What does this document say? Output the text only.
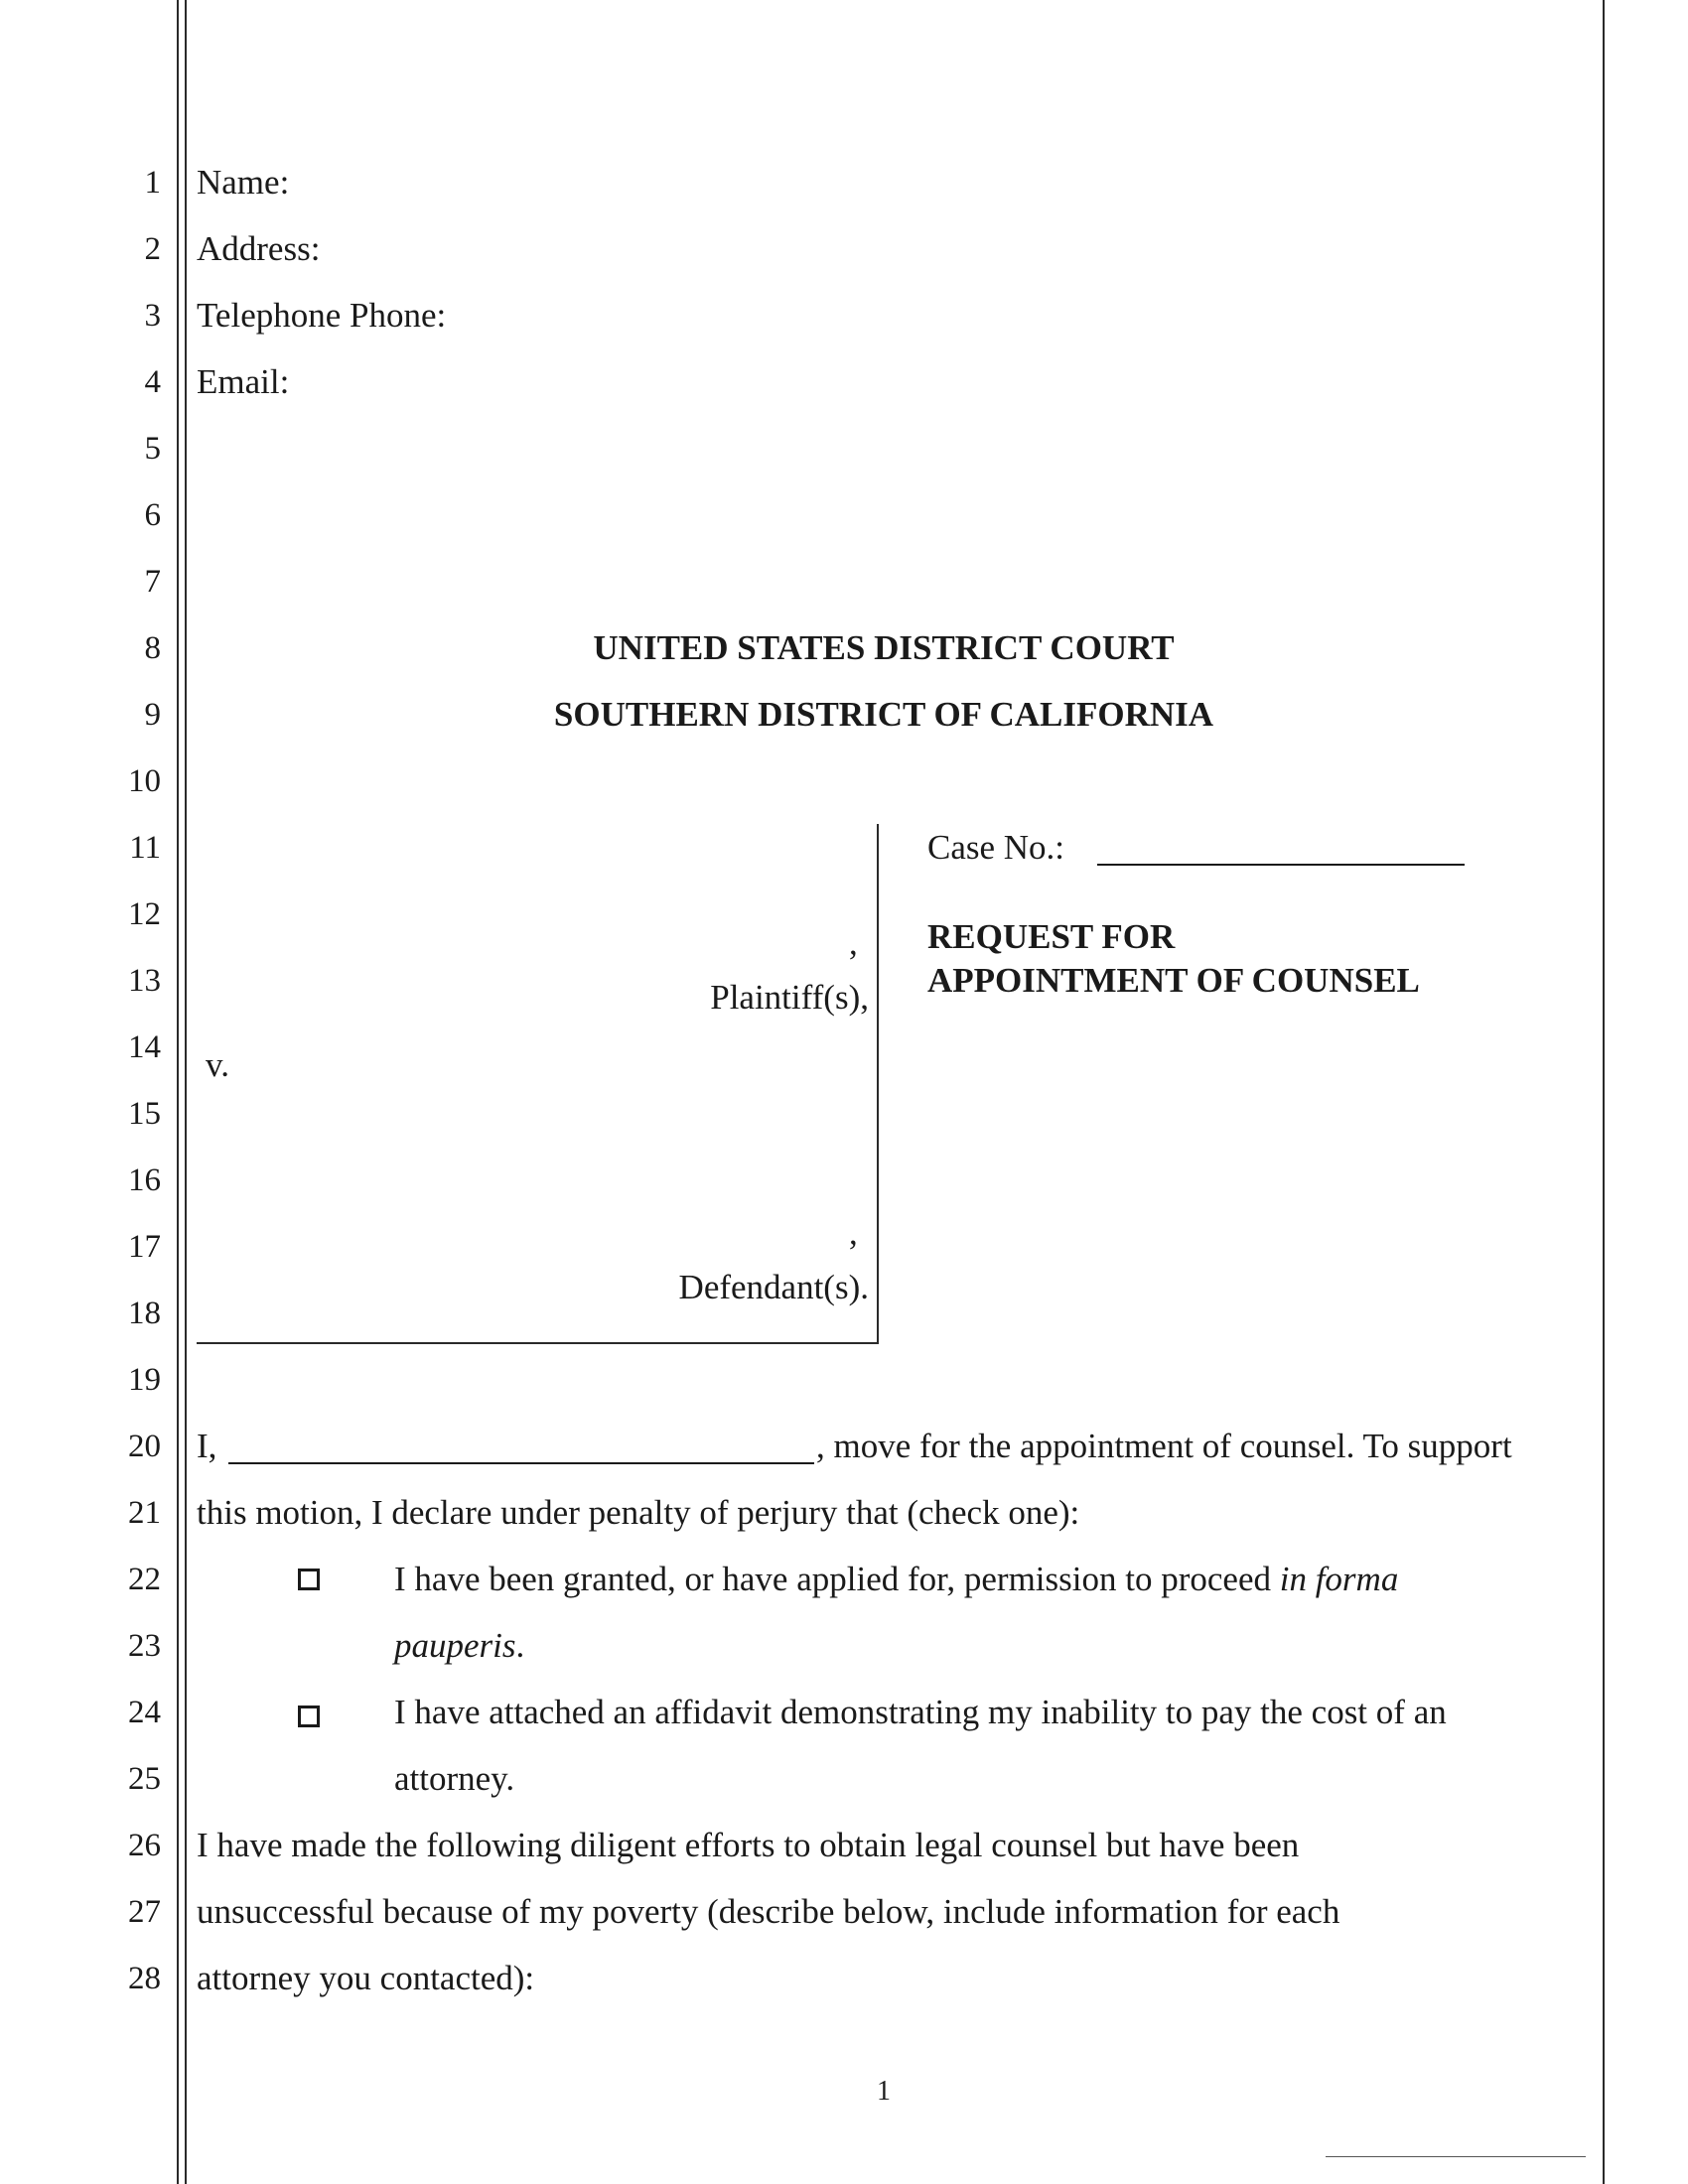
1
2
3
4
5
6
7
8
9
10
11
12
13
14
15
16
17
18
19
20
21
22
23
24
25
26
27
28
Name:
Address:
Telephone Phone:
Email:
UNITED STATES DISTRICT COURT
SOUTHERN DISTRICT OF CALIFORNIA
,
Plaintiff(s),
v.
,
Defendant(s).
Case No.:
REQUEST FOR
APPOINTMENT OF COUNSEL
I,	, move for the appointment of counsel. To support
this motion, I declare under penalty of perjury that (check one):
I have been granted, or have applied for, permission to proceed in forma
pauperis.
I have attached an affidavit demonstrating my inability to pay the cost of an
attorney.
I have made the following diligent efforts to obtain legal counsel but have been
unsuccessful because of my poverty (describe below, include information for each
attorney you contacted):
1
